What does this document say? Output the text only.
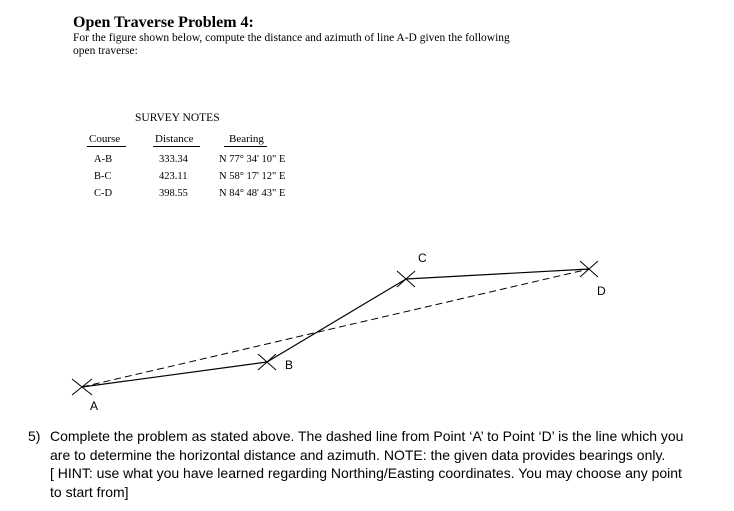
Open Traverse Problem 4:
For the figure shown below, compute the distance and azimuth of line A-D given the following
open traverse:
SURVEY NOTES
Course	Distance	Bearing
A-B	333.34	N 77° 34' 10" E
B-C	423.11	N 58° 17' 12" E
C-D	398.55	N 84° 48' 43" E
A
B
C
D
5) Complete the problem as stated above. The dashed line from Point ‘A’ to Point ‘D’ is the line which you
are to determine the horizontal distance and azimuth. NOTE: the given data provides bearings only.
[ HINT: use what you have learned regarding Northing/Easting coordinates. You may choose any point
to start from]
